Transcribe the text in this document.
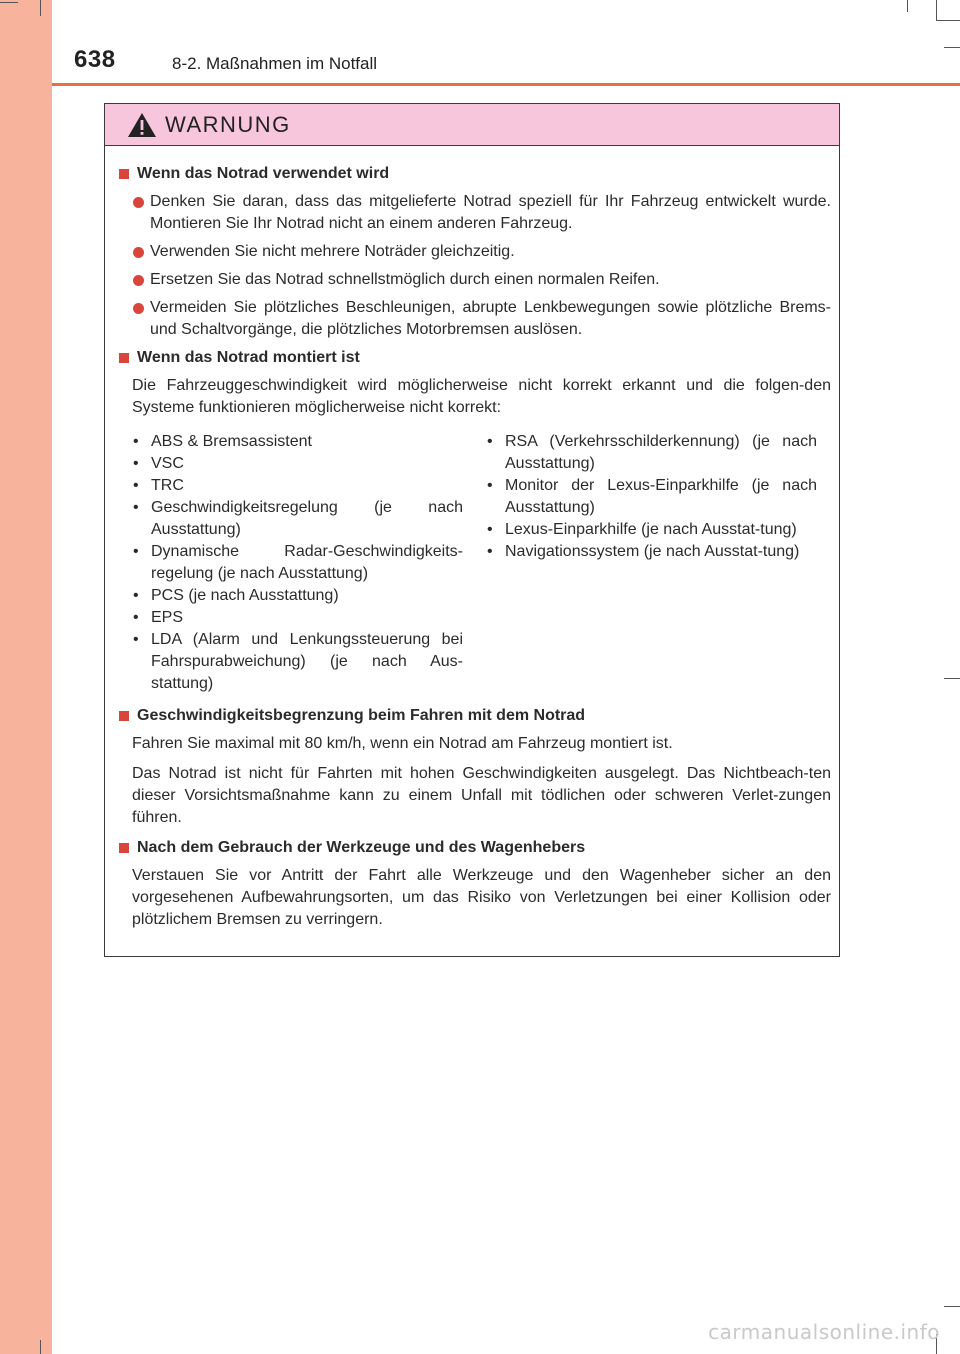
638	8-2. Maßnahmen im Notfall
WARNUNG
Wenn das Notrad verwendet wird
Denken Sie daran, dass das mitgelieferte Notrad speziell für Ihr Fahrzeug entwickelt wurde. Montieren Sie Ihr Notrad nicht an einem anderen Fahrzeug.
Verwenden Sie nicht mehrere Noträder gleichzeitig.
Ersetzen Sie das Notrad schnellstmöglich durch einen normalen Reifen.
Vermeiden Sie plötzliches Beschleunigen, abrupte Lenkbewegungen sowie plötzliche Brems- und Schaltvorgänge, die plötzliches Motorbremsen auslösen.
Wenn das Notrad montiert ist
Die Fahrzeuggeschwindigkeit wird möglicherweise nicht korrekt erkannt und die folgen-den Systeme funktionieren möglicherweise nicht korrekt:
• ABS & Bremsassistent
• VSC
• TRC
• Geschwindigkeitsregelung (je nach Ausstattung)
• Dynamische Radar-Geschwindigkeits-regelung (je nach Ausstattung)
• PCS (je nach Ausstattung)
• EPS
• LDA (Alarm und Lenkungssteuerung bei Fahrspurabweichung) (je nach Aus-stattung)
• RSA (Verkehrsschilderkennung) (je nach Ausstattung)
• Monitor der Lexus-Einparkhilfe (je nach Ausstattung)
• Lexus-Einparkhilfe (je nach Ausstat-tung)
• Navigationssystem (je nach Ausstat-tung)
Geschwindigkeitsbegrenzung beim Fahren mit dem Notrad
Fahren Sie maximal mit 80 km/h, wenn ein Notrad am Fahrzeug montiert ist.
Das Notrad ist nicht für Fahrten mit hohen Geschwindigkeiten ausgelegt. Das Nichtbeach-ten dieser Vorsichtsmaßnahme kann zu einem Unfall mit tödlichen oder schweren Verlet-zungen führen.
Nach dem Gebrauch der Werkzeuge und des Wagenhebers
Verstauen Sie vor Antritt der Fahrt alle Werkzeuge und den Wagenheber sicher an den vorgesehenen Aufbewahrungsorten, um das Risiko von Verletzungen bei einer Kollision oder plötzlichem Bremsen zu verringern.
carmanualsonline.info
